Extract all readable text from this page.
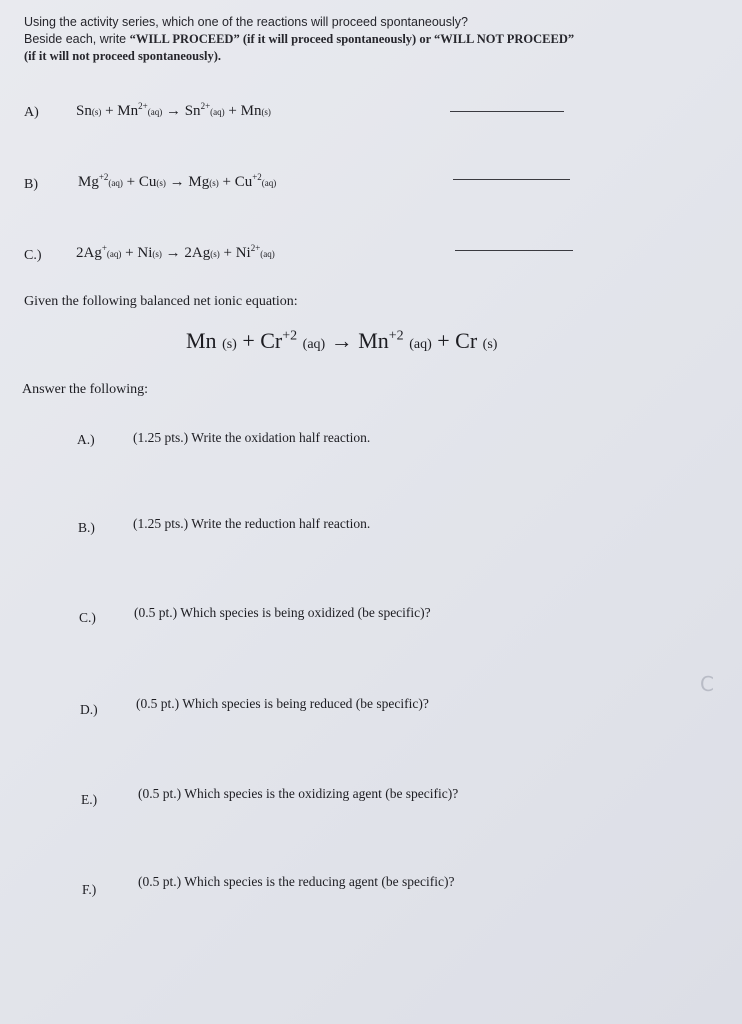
Using the activity series, which one of the reactions will proceed spontaneously?
Beside each, write “WILL PROCEED” (if it will proceed spontaneously) or “WILL NOT PROCEED”
(if it will not proceed spontaneously).
A) $Sn(s) + Mn^{2+}(aq) \to Sn^{2+}(aq) + Mn(s)$
B)	$Mg^{+2}(aq) + Cu(s) \to Mg(s) + Cu^{+2}(aq)$
C.) $2Ag^+(aq) + Ni(s) \to 2Ag(s) + Ni^{2+}(aq)$
Given the following balanced net ionic equation:
Mn $(s) + Cr^{+2}$ $(aq) \to Mn^{+2}$ (aq) + Cr (s)
Answer the following:
A.)	(1.25 pts.) Write the oxidation half reaction.
B.)	(1.25 pts.) Write the reduction half reaction.
C.)	(0.5 pt.) Which species is being oxidized (be specific)?
D.)	(0.5 pt.) Which species is being reduced (be specific)?
E.)	(0.5 pt.) Which species is the oxidizing agent (be specific)?
F.)
(0.5 pt.) Which species is the reducing agent (be specific)?
C
